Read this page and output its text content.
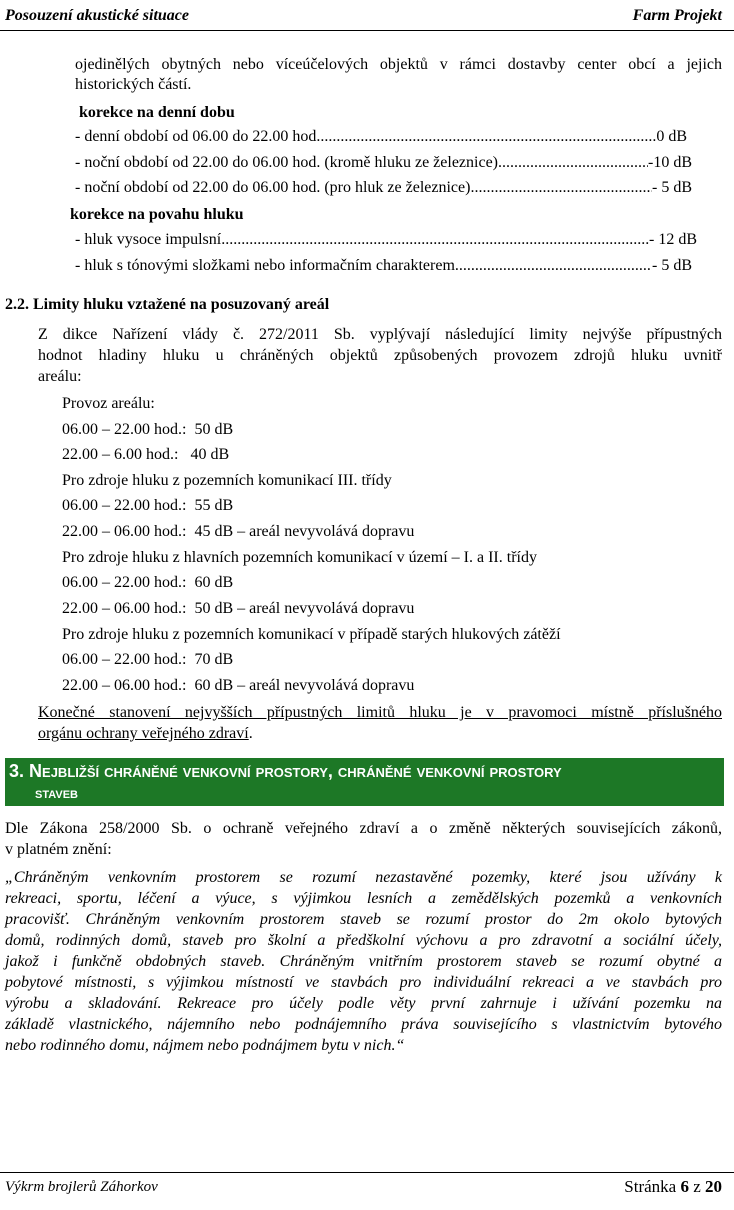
Posouzení akustické situace	Farm Projekt
ojedinělých obytných nebo víceúčelových objektů v rámci dostavby center obcí a jejich
historických částí.
korekce na denní dobu
- denní období od 06.00 do 22.00 hod. .....	0 dB
- noční období od 22.00 do 06.00 hod. (kromě hluku ze železnice) .....	-10 dB
- noční období od 22.00 do 06.00 hod. (pro hluk ze železnice) .....	- 5 dB
korekce na povahu hluku
- hluk vysoce impulsní .....	- 12 dB
- hluk s tónovými složkami nebo informačním charakterem .....	- 5 dB
2.2. Limity hluku vztažené na posuzovaný areál
Z dikce Nařízení vlády č. 272/2011 Sb. vyplývají následující limity nejvýše přípustných
hodnot hladiny hluku u chráněných objektů způsobených provozem zdrojů hluku uvnitř
areálu:
Provoz areálu:
06.00 – 22.00 hod.:  50 dB
22.00 – 6.00 hod.:   40 dB
Pro zdroje hluku z pozemních komunikací III. třídy
06.00 – 22.00 hod.:  55 dB
22.00 – 06.00 hod.:  45 dB – areál nevyvolává dopravu
Pro zdroje hluku z hlavních pozemních komunikací v území – I. a II. třídy
06.00 – 22.00 hod.:  60 dB
22.00 – 06.00 hod.:  50 dB – areál nevyvolává dopravu
Pro zdroje hluku z pozemních komunikací v případě starých hlukových zátěží
06.00 – 22.00 hod.:  70 dB
22.00 – 06.00 hod.:  60 dB – areál nevyvolává dopravu
Konečné stanovení nejvyšších přípustných limitů hluku je v pravomoci místně příslušného
orgánu ochrany veřejného zdraví.
3. Nejbližší chráněné venkovní prostory, chráněné venkovní prostory
staveb
Dle Zákona 258/2000 Sb. o ochraně veřejného zdraví a o změně některých souvisejících zákonů,
v platném znění:
„Chráněným venkovním prostorem se rozumí nezastavěné pozemky, které jsou užívány k
rekreaci, sportu, léčení a výuce, s výjimkou lesních a zemědělských pozemků a venkovních
pracovišť. Chráněným venkovním prostorem staveb se rozumí prostor do 2m okolo bytových
domů, rodinných domů, staveb pro školní a předškolní výchovu a pro zdravotní a sociální účely,
jakož i funkčně obdobných staveb. Chráněným vnitřním prostorem staveb se rozumí obytné a
pobytové místnosti, s výjimkou místností ve stavbách pro individuální rekreaci a ve stavbách pro
výrobu a skladování. Rekreace pro účely podle věty první zahrnuje i užívání pozemku na
základě vlastnického, nájemního nebo podnájemního práva souvisejícího s vlastnictvím bytového
nebo rodinného domu, nájmem nebo podnájmem bytu v nich.“
Výkrm brojlerů Záhorkov	Stránka 6 z 20
